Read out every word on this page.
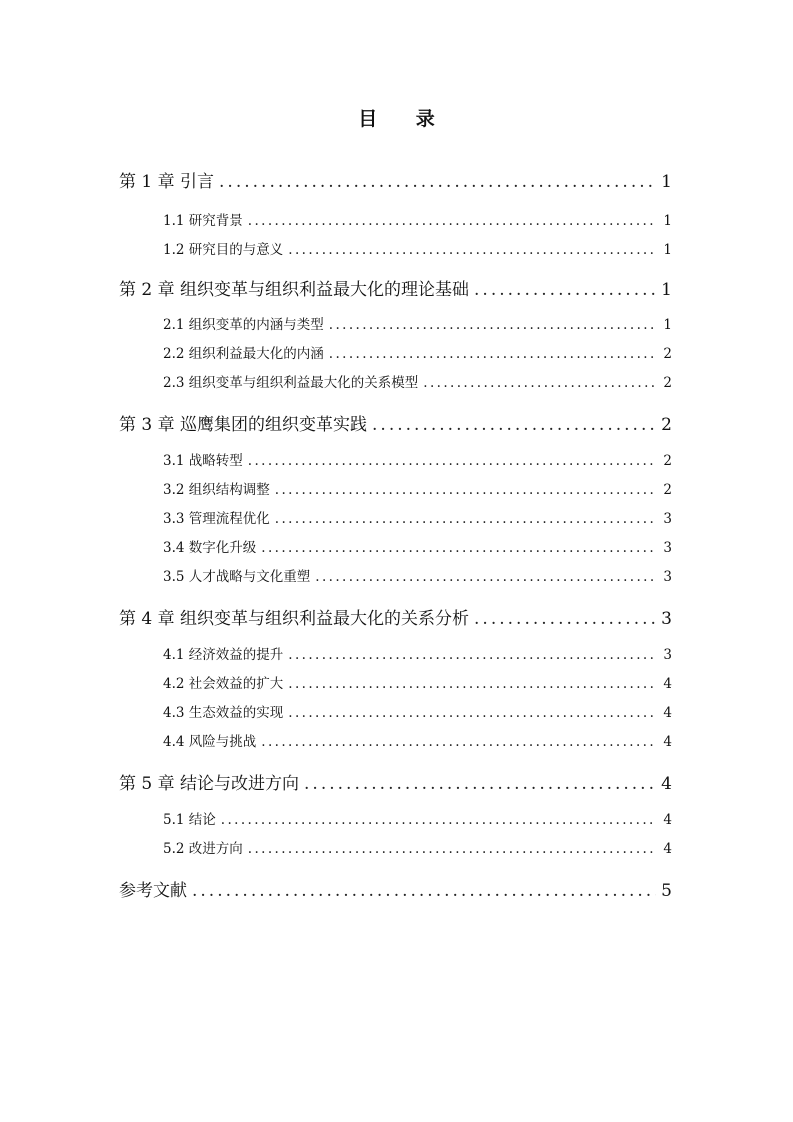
目 录
第 1 章 引言 .....	1
1.1 研究背景 .....	1
1.2 研究目的与意义 .....	1
第 2 章 组织变革与组织利益最大化的理论基础 .....	1
2.1 组织变革的内涵与类型 .....	1
2.2 组织利益最大化的内涵 .....	2
2.3 组织变革与组织利益最大化的关系模型 .....	2
第 3 章 巡鹰集团的组织变革实践 .....	2
3.1 战略转型 .....	2
3.2 组织结构调整 .....	2
3.3 管理流程优化 .....	3
3.4 数字化升级 .....	3
3.5 人才战略与文化重塑 .....	3
第 4 章 组织变革与组织利益最大化的关系分析 .....	3
4.1 经济效益的提升 .....	3
4.2 社会效益的扩大 .....	4
4.3 生态效益的实现 .....	4
4.4 风险与挑战 .....	4
第 5 章 结论与改进方向 .....	4
5.1 结论 .....	4
5.2 改进方向 .....	4
参考文献 .....	5
